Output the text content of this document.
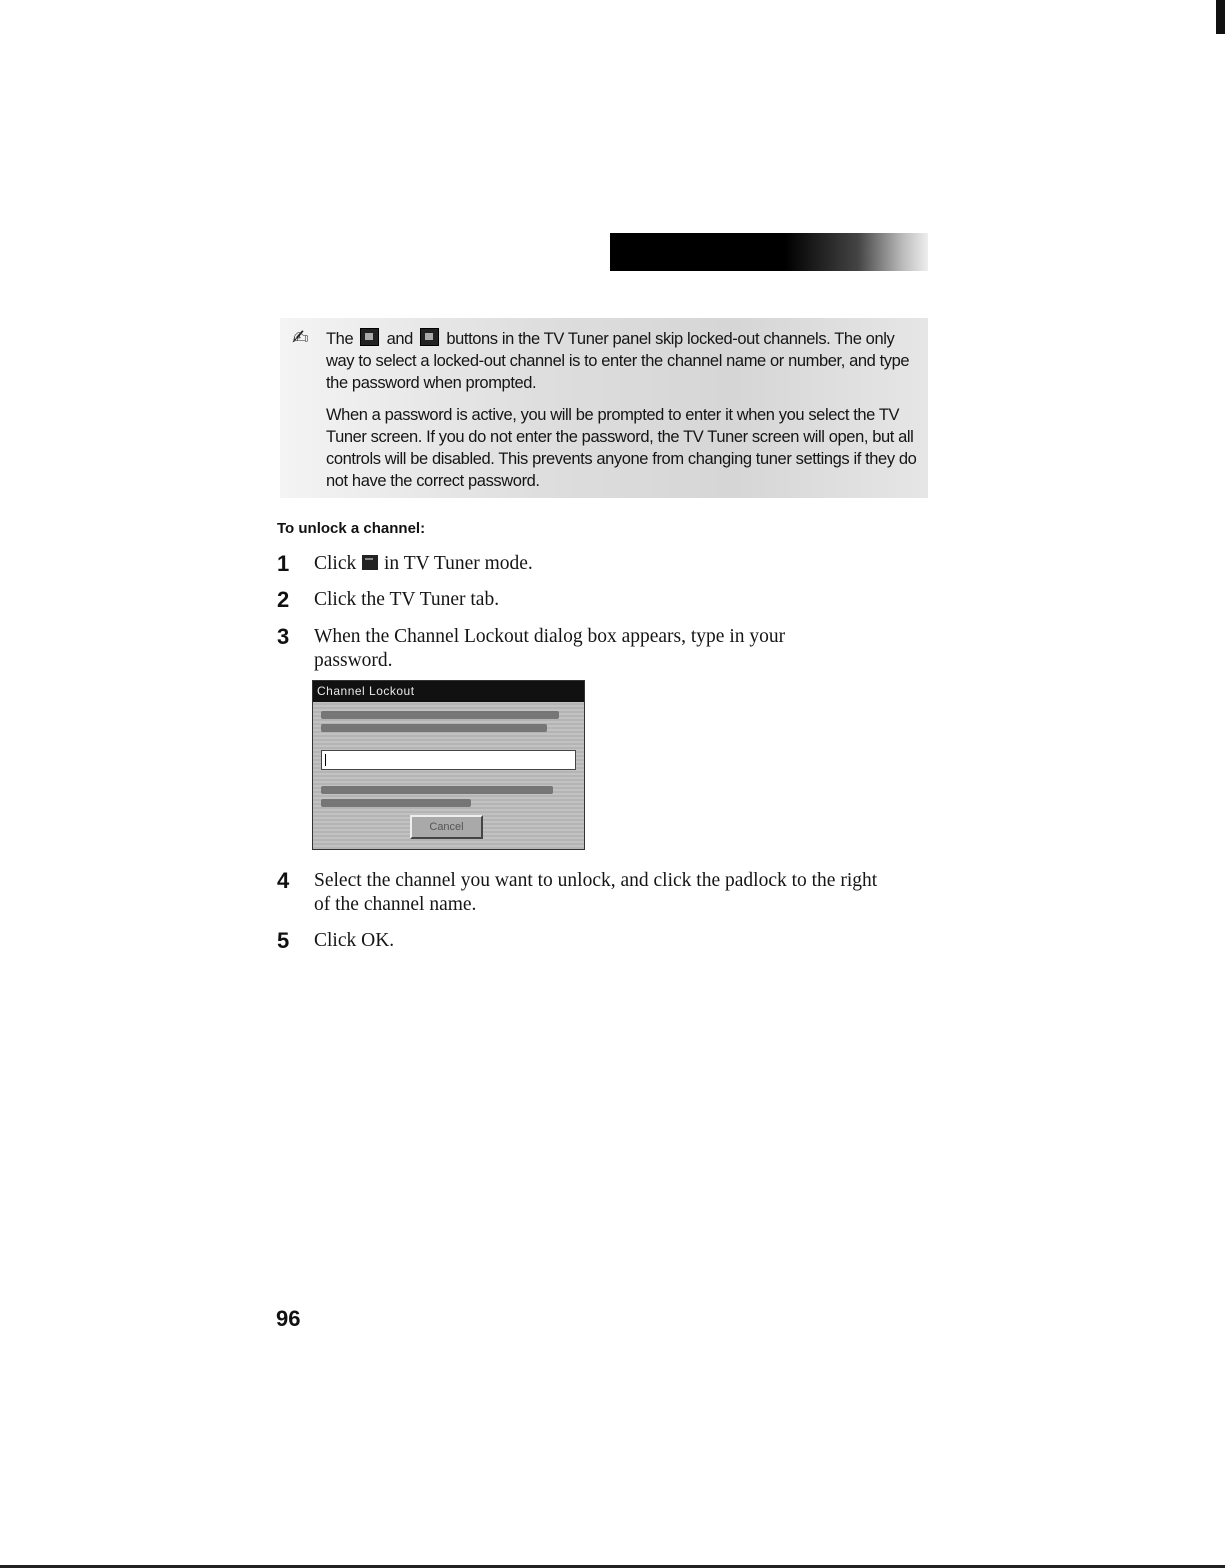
✍	The and buttons in the TV Tuner panel skip locked-out channels. The only way to select a locked-out channel is to enter the channel name or number, and type the password when prompted.
When a password is active, you will be prompted to enter it when you select the TV Tuner screen. If you do not enter the password, the TV Tuner screen will open, but all controls will be disabled. This prevents anyone from changing tuner settings if they do not have the correct password.
To unlock a channel:
1 Click in TV Tuner mode.
2 Click the TV Tuner tab.
3 When the Channel Lockout dialog box appears, type in your password.
Channel Lockout
Cancel
4 Select the channel you want to unlock, and click the padlock to the right of the channel name.
5 Click OK.
96
